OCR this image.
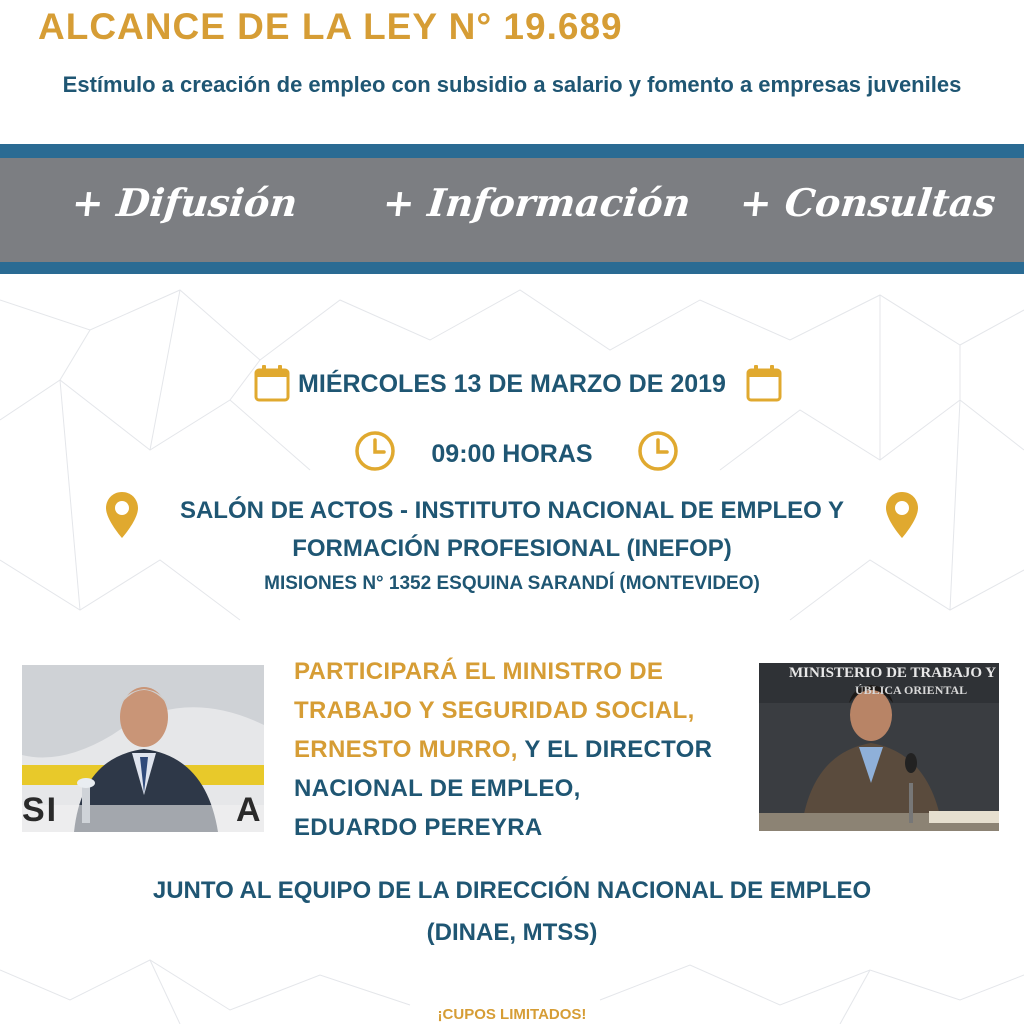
ALCANCE DE LA LEY N° 19.689
Estímulo a creación de empleo con subsidio a salario y fomento a empresas juveniles
+ Difusión + Información + Consultas
MIÉRCOLES 13 DE MARZO DE 2019
09:00 HORAS
SALÓN DE ACTOS - INSTITUTO NACIONAL DE EMPLEO Y
FORMACIÓN PROFESIONAL (INEFOP)
MISIONES N° 1352 ESQUINA SARANDÍ (MONTEVIDEO)
SI	A
MINISTERIO DE TRABAJO Y
ÚBLICA ORIENTAL
PARTICIPARÁ EL MINISTRO DE
TRABAJO Y SEGURIDAD SOCIAL,
ERNESTO MURRO, Y EL DIRECTOR
NACIONAL DE EMPLEO,
EDUARDO PEREYRA
JUNTO AL EQUIPO DE LA DIRECCIÓN NACIONAL DE EMPLEO
(DINAE, MTSS)
¡CUPOS LIMITADOS!
